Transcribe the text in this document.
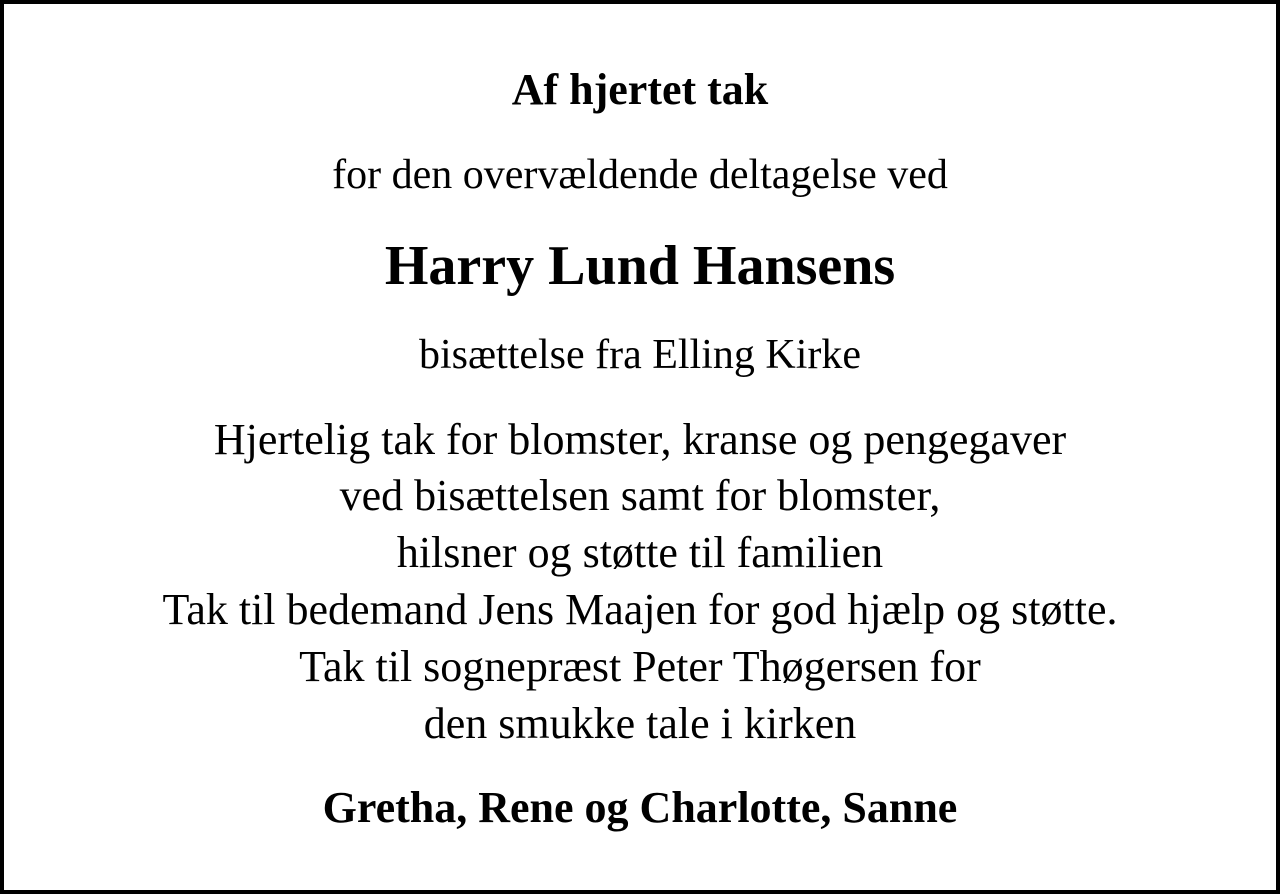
Af hjertet tak
for den overvældende deltagelse ved
Harry Lund Hansens
bisættelse fra Elling Kirke
Hjertelig tak for blomster, kranse og pengegaver
ved bisættelsen samt for blomster,
hilsner og støtte til familien
Tak til bedemand Jens Maajen for god hjælp og støtte.
Tak til sognepræst Peter Thøgersen for
den smukke tale i kirken
Gretha, Rene og Charlotte, Sanne
